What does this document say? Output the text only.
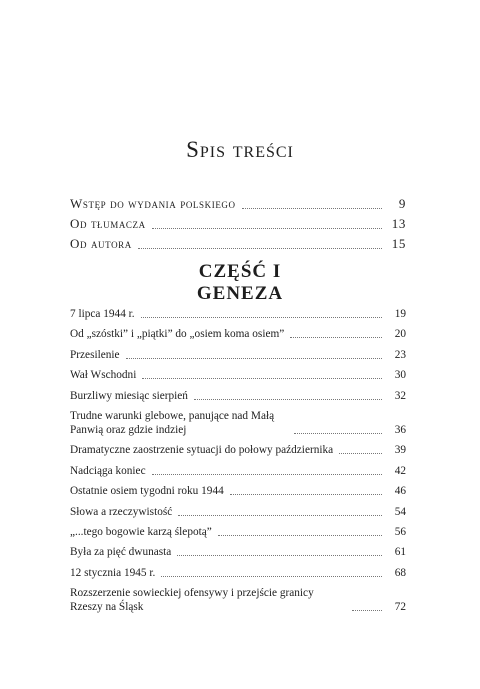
Spis treści
Wstęp do wydania polskiego	9
Od tłumacza	13
Od autora	15
CZĘŚĆ I
GENEZA
7 lipca 1944 r.	19
Od „szóstki” i „piątki” do „osiem koma osiem”	20
Przesilenie	23
Wał Wschodni	30
Burzliwy miesiąc sierpień	32
Trudne warunki glebowe, panujące nad Małą Panwią oraz gdzie indziej	36
Dramatyczne zaostrzenie sytuacji do połowy października	39
Nadciąga koniec	42
Ostatnie osiem tygodni roku 1944	46
Słowa a rzeczywistość	54
„...tego bogowie karzą ślepotą”	56
Była za pięć dwunasta	61
12 stycznia 1945 r.	68
Rozszerzenie sowieckiej ofensywy i przejście granicy Rzeszy na Śląsk	72
